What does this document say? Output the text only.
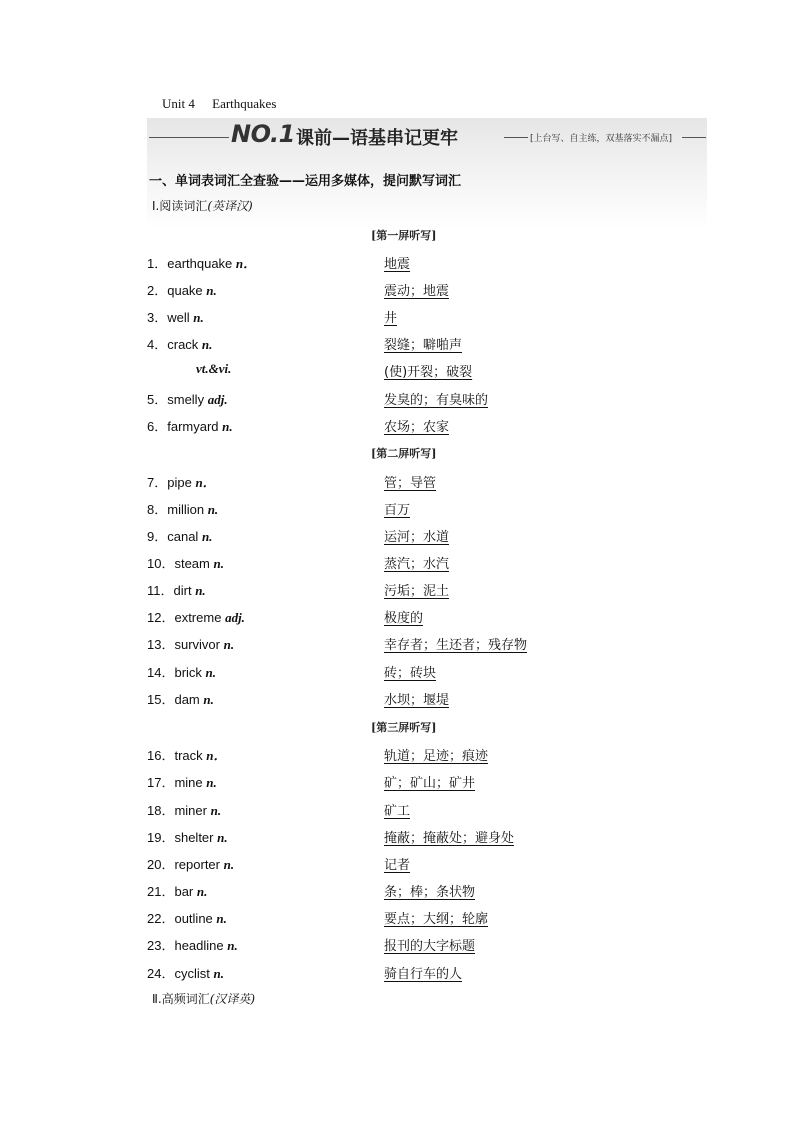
Unit 4 Earthquakes
NO.1 课前—语基串记更牢	[上台写、自主练，双基落实不漏点]
一、单词表词汇全查验——运用多媒体，提问默写词汇
Ⅰ.阅读词汇(英译汉)
[第一屏听写]
[第二屏听写]
[第三屏听写]
1．earthquake n．	地震
2．quake n.	震动；地震
3．well n.	井
4．crack n.	裂缝；噼啪声
vt.&vi.	(使)开裂；破裂
5．smelly adj.	发臭的；有臭味的
6．farmyard n.	农场；农家
7．pipe n．	管；导管
8．million n.	百万
9．canal n.	运河；水道
10．steam n.	蒸汽；水汽
11．dirt n.	污垢；泥土
12．extreme adj.	极度的
13．survivor n.	幸存者；生还者；残存物
14．brick n.	砖；砖块
15．dam n.	水坝；堰堤
16．track n．	轨道；足迹；痕迹
17．mine n.	矿；矿山；矿井
18．miner n.	矿工
19．shelter n.	掩蔽；掩蔽处；避身处
20．reporter n.	记者
21．bar n.	条；棒；条状物
22．outline n.	要点；大纲；轮廓
23．headline n.	报刊的大字标题
24．cyclist n.	骑自行车的人
Ⅱ.高频词汇(汉译英)
